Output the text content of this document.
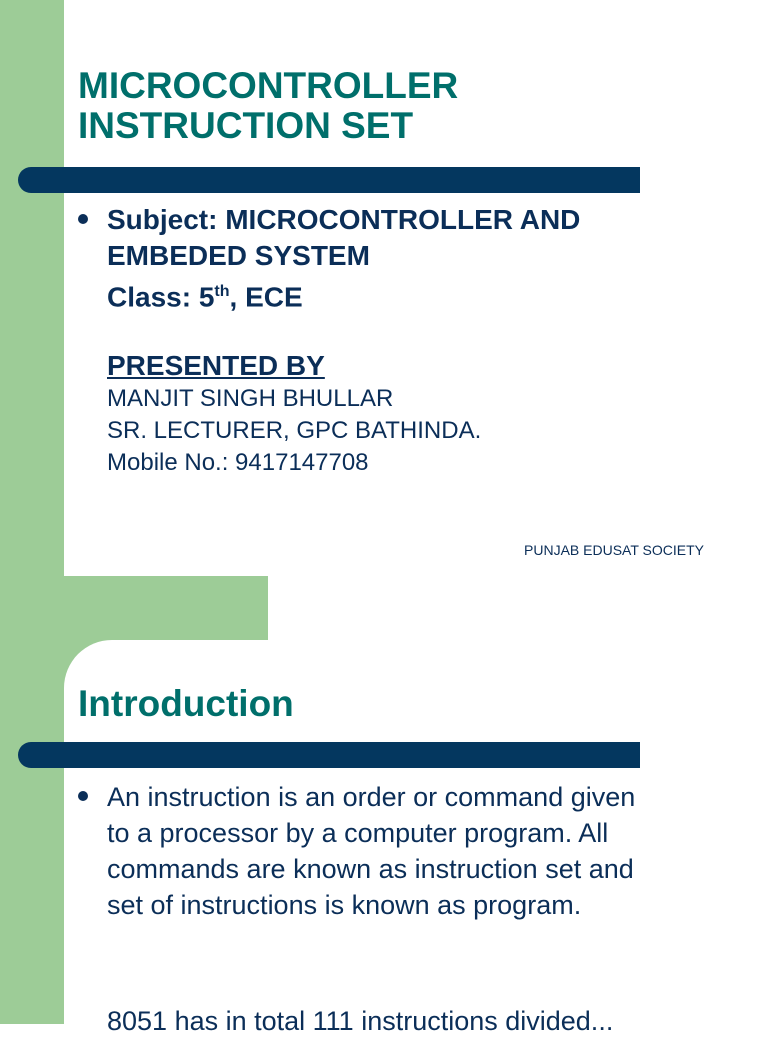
MICROCONTROLLER
INSTRUCTION SET
Subject: MICROCONTROLLER AND
EMBEDED SYSTEM
Class: 5th, ECE
PRESENTED BY
MANJIT SINGH BHULLAR
SR. LECTURER, GPC BATHINDA.
Mobile No.: 9417147708
PUNJAB EDUSAT SOCIETY
Introduction
An instruction is an order or command given
to a processor by a computer program. All
commands are known as instruction set and
set of instructions is known as program.
8051 has in total 111 instructions divided...
